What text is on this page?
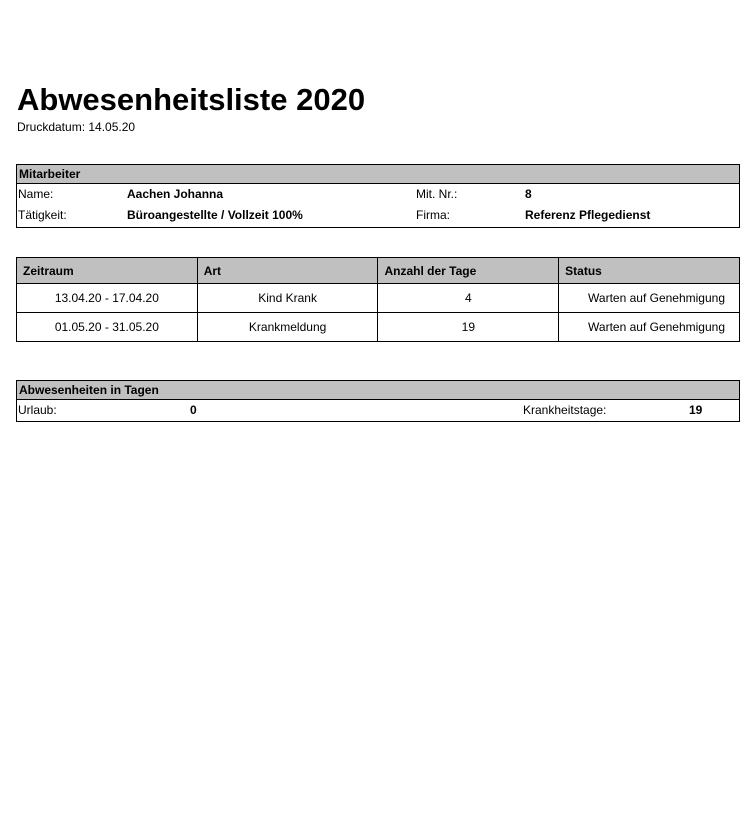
Abwesenheitsliste 2020
Druckdatum: 14.05.20
Mitarbeiter
Name:	Aachen Johanna	Mit. Nr.:	8
Tätigkeit:	Büroangestellte / Vollzeit 100%	Firma:	Referenz Pflegedienst
Zeitraum	Art	Anzahl der Tage	Status
13.04.20 - 17.04.20	Kind Krank	4	Warten auf Genehmigung
01.05.20 - 31.05.20	Krankmeldung	19	Warten auf Genehmigung
Abwesenheiten in Tagen
Urlaub:	0	Krankheitstage:	19
